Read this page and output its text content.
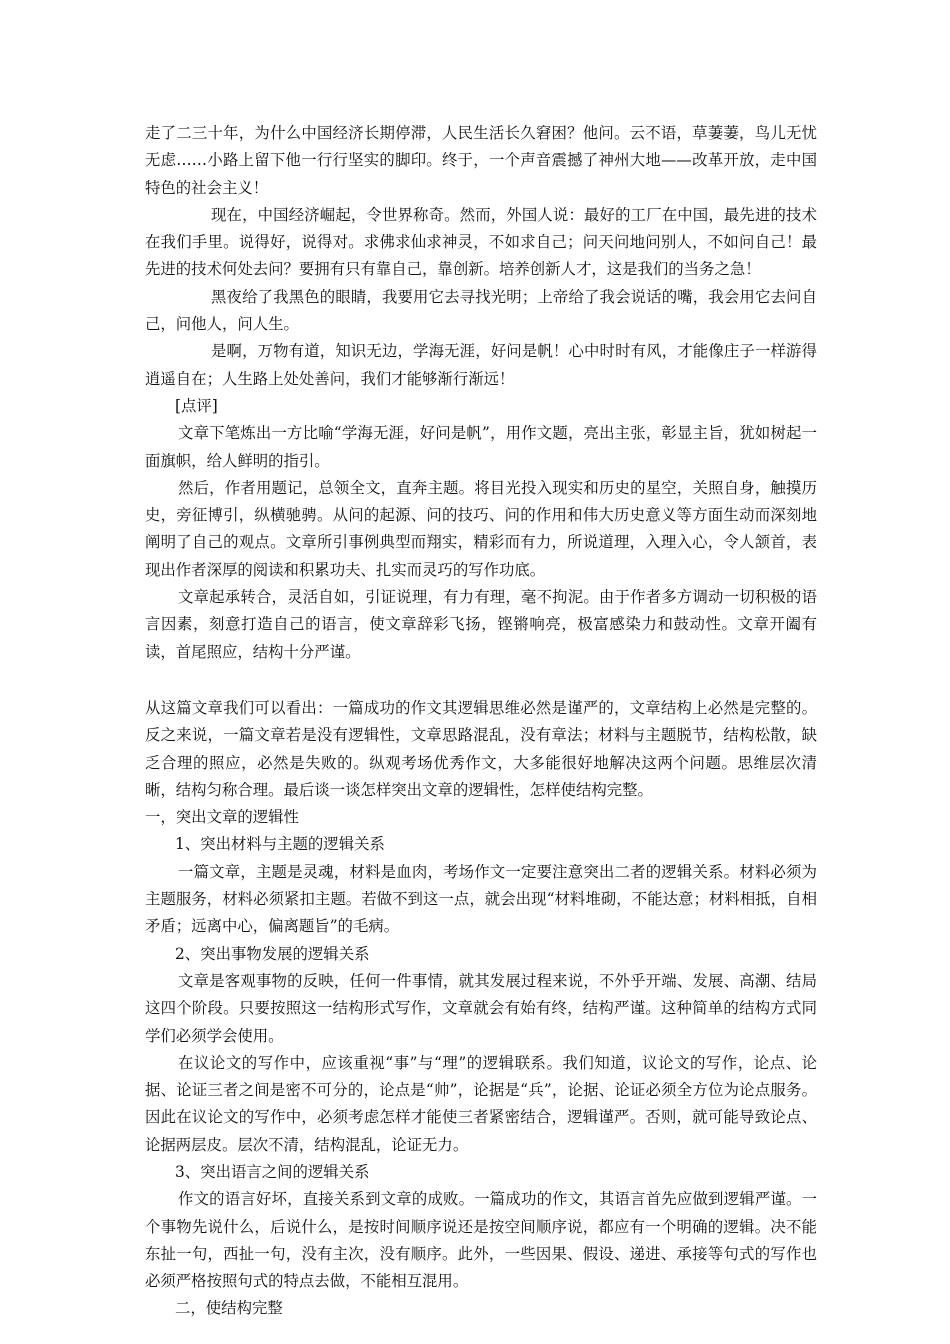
走了二三十年，为什么中国经济长期停滞，人民生活长久窘困？他问。云不语，草萋萋，鸟儿无忧无虑……小路上留下他一行行坚实的脚印。终于，一个声音震撼了神州大地——改革开放，走中国特色的社会主义！

现在，中国经济崛起，令世界称奇。然而，外国人说：最好的工厂在中国，最先进的技术在我们手里。说得好，说得对。求佛求仙求神灵，不如求自己；问天问地问别人，不如问自己！最先进的技术何处去问？要拥有只有靠自己，靠创新。培养创新人才，这是我们的当务之急！

黑夜给了我黑色的眼睛，我要用它去寻找光明；上帝给了我会说话的嘴，我会用它去问自己，问他人，问人生。

是啊，万物有道，知识无边，学海无涯，好问是帆！心中时时有风，才能像庄子一样游得逍遥自在；人生路上处处善问，我们才能够渐行渐远！

[点评]

文章下笔炼出一方比喻“学海无涯，好问是帆”，用作文题，亮出主张，彰显主旨，犹如树起一面旗帜，给人鲜明的指引。

然后，作者用题记，总领全文，直奔主题。将目光投入现实和历史的星空，关照自身，触摸历史，旁征博引，纵横驰骋。从问的起源、问的技巧、问的作用和伟大历史意义等方面生动而深刻地阐明了自己的观点。文章所引事例典型而翔实，精彩而有力，所说道理，入理入心，令人颔首，表现出作者深厚的阅读和积累功夫、扎实而灵巧的写作功底。

文章起承转合，灵活自如，引证说理，有力有理，毫不拘泥。由于作者多方调动一切积极的语言因素，刻意打造自己的语言，使文章辞彩飞扬，铿锵响亮，极富感染力和鼓动性。文章开阖有读，首尾照应，结构十分严谨。

从这篇文章我们可以看出：一篇成功的作文其逻辑思维必然是谨严的，文章结构上必然是完整的。反之来说，一篇文章若是没有逻辑性，文章思路混乱，没有章法；材料与主题脱节，结构松散，缺乏合理的照应，必然是失败的。纵观考场优秀作文，大多能很好地解决这两个问题。思维层次清晰，结构匀称合理。最后谈一谈怎样突出文章的逻辑性，怎样使结构完整。

一，突出文章的逻辑性

1、突出材料与主题的逻辑关系

一篇文章，主题是灵魂，材料是血肉，考场作文一定要注意突出二者的逻辑关系。材料必须为主题服务，材料必须紧扣主题。若做不到这一点，就会出现“材料堆砌，不能达意；材料相抵，自相矛盾；远离中心，偏离题旨”的毛病。

2、突出事物发展的逻辑关系

文章是客观事物的反映，任何一件事情，就其发展过程来说，不外乎开端、发展、高潮、结局这四个阶段。只要按照这一结构形式写作，文章就会有始有终，结构严谨。这种简单的结构方式同学们必须学会使用。

在议论文的写作中，应该重视“事”与“理”的逻辑联系。我们知道，议论文的写作，论点、论据、论证三者之间是密不可分的，论点是“帅”，论据是“兵”，论据、论证必须全方位为论点服务。因此在议论文的写作中，必须考虑怎样才能使三者紧密结合，逻辑谨严。否则，就可能导致论点、论据两层皮。层次不清，结构混乱，论证无力。

3、突出语言之间的逻辑关系

作文的语言好坏，直接关系到文章的成败。一篇成功的作文，其语言首先应做到逻辑严谨。一个事物先说什么，后说什么，是按时间顺序说还是按空间顺序说，都应有一个明确的逻辑。决不能东扯一句，西扯一句，没有主次，没有顺序。此外，一些因果、假设、递进、承接等句式的写作也必须严格按照句式的特点去做，不能相互混用。

二，使结构完整
